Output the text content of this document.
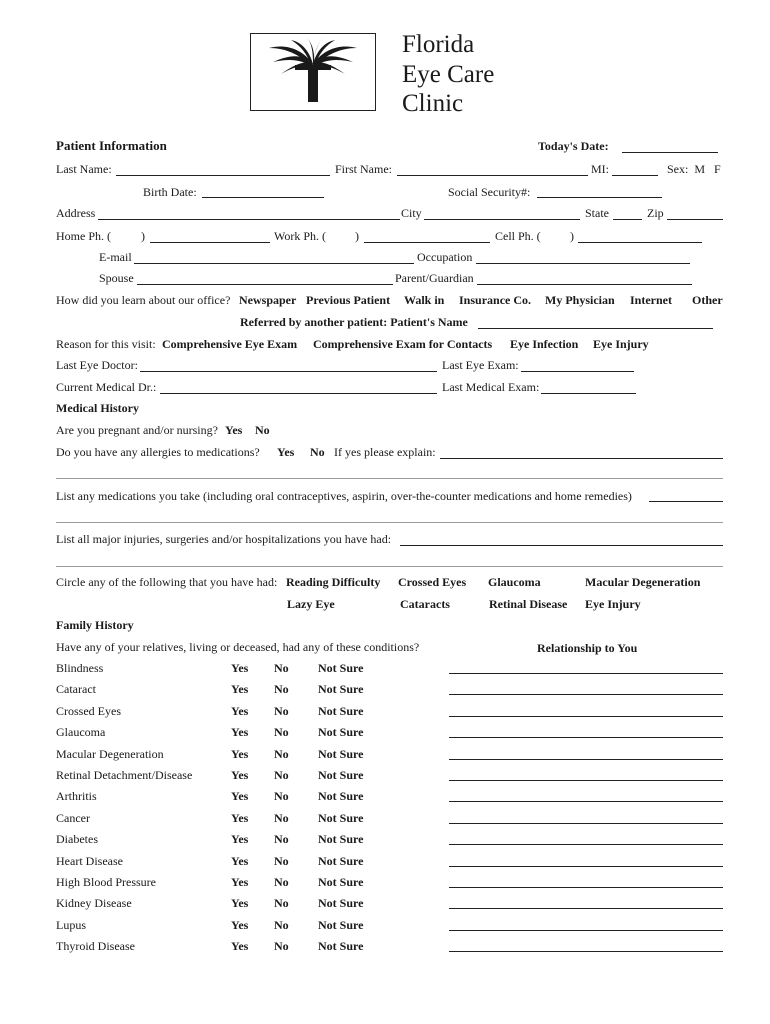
Florida
Eye Care
Clinic
Patient Information	Today's Date:
Last Name:	First Name:	MI:	Sex:  M   F
Birth Date:	Social Security#:
Address	City	State	Zip
Home Ph. (	)	Work Ph. ( )	Cell Ph. ( )
E-mail	Occupation
Spouse	Parent/Guardian
How did you learn about our office? Newspaper Previous Patient Walk in Insurance Co. My Physician Internet Other
Referred by another patient: Patient's Name
Reason for this visit: Comprehensive Eye Exam Comprehensive Exam for Contacts Eye Infection Eye Injury
Last Eye Doctor:	Last Eye Exam:
Current Medical Dr.:	Last Medical Exam:
Medical History
Are you pregnant and/or nursing? Yes No
Do you have any allergies to medications? Yes No If yes please explain:
List any medications you take (including oral contraceptives, aspirin, over-the-counter medications and home remedies)
List all major injuries, surgeries and/or hospitalizations you have had:
Circle any of the following that you have had: Reading Difficulty Crossed Eyes Glaucoma	Macular Degeneration
Lazy Eye	Cataracts	Retinal Disease Eye Injury
Family History
Have any of your relatives, living or deceased, had any of these conditions?	Relationship to You
Blindness	Yes No Not Sure
Cataract	Yes No Not Sure
Crossed Eyes	Yes No Not Sure
Glaucoma	Yes No Not Sure
Macular Degeneration	Yes No Not Sure
Retinal Detachment/Disease	Yes No Not Sure
Arthritis	Yes No Not Sure
Cancer	Yes No Not Sure
Diabetes	Yes No Not Sure
Heart Disease	Yes No Not Sure
High Blood Pressure	Yes No Not Sure
Kidney Disease	Yes No Not Sure
Lupus	Yes No Not Sure
Thyroid Disease	Yes No Not Sure
